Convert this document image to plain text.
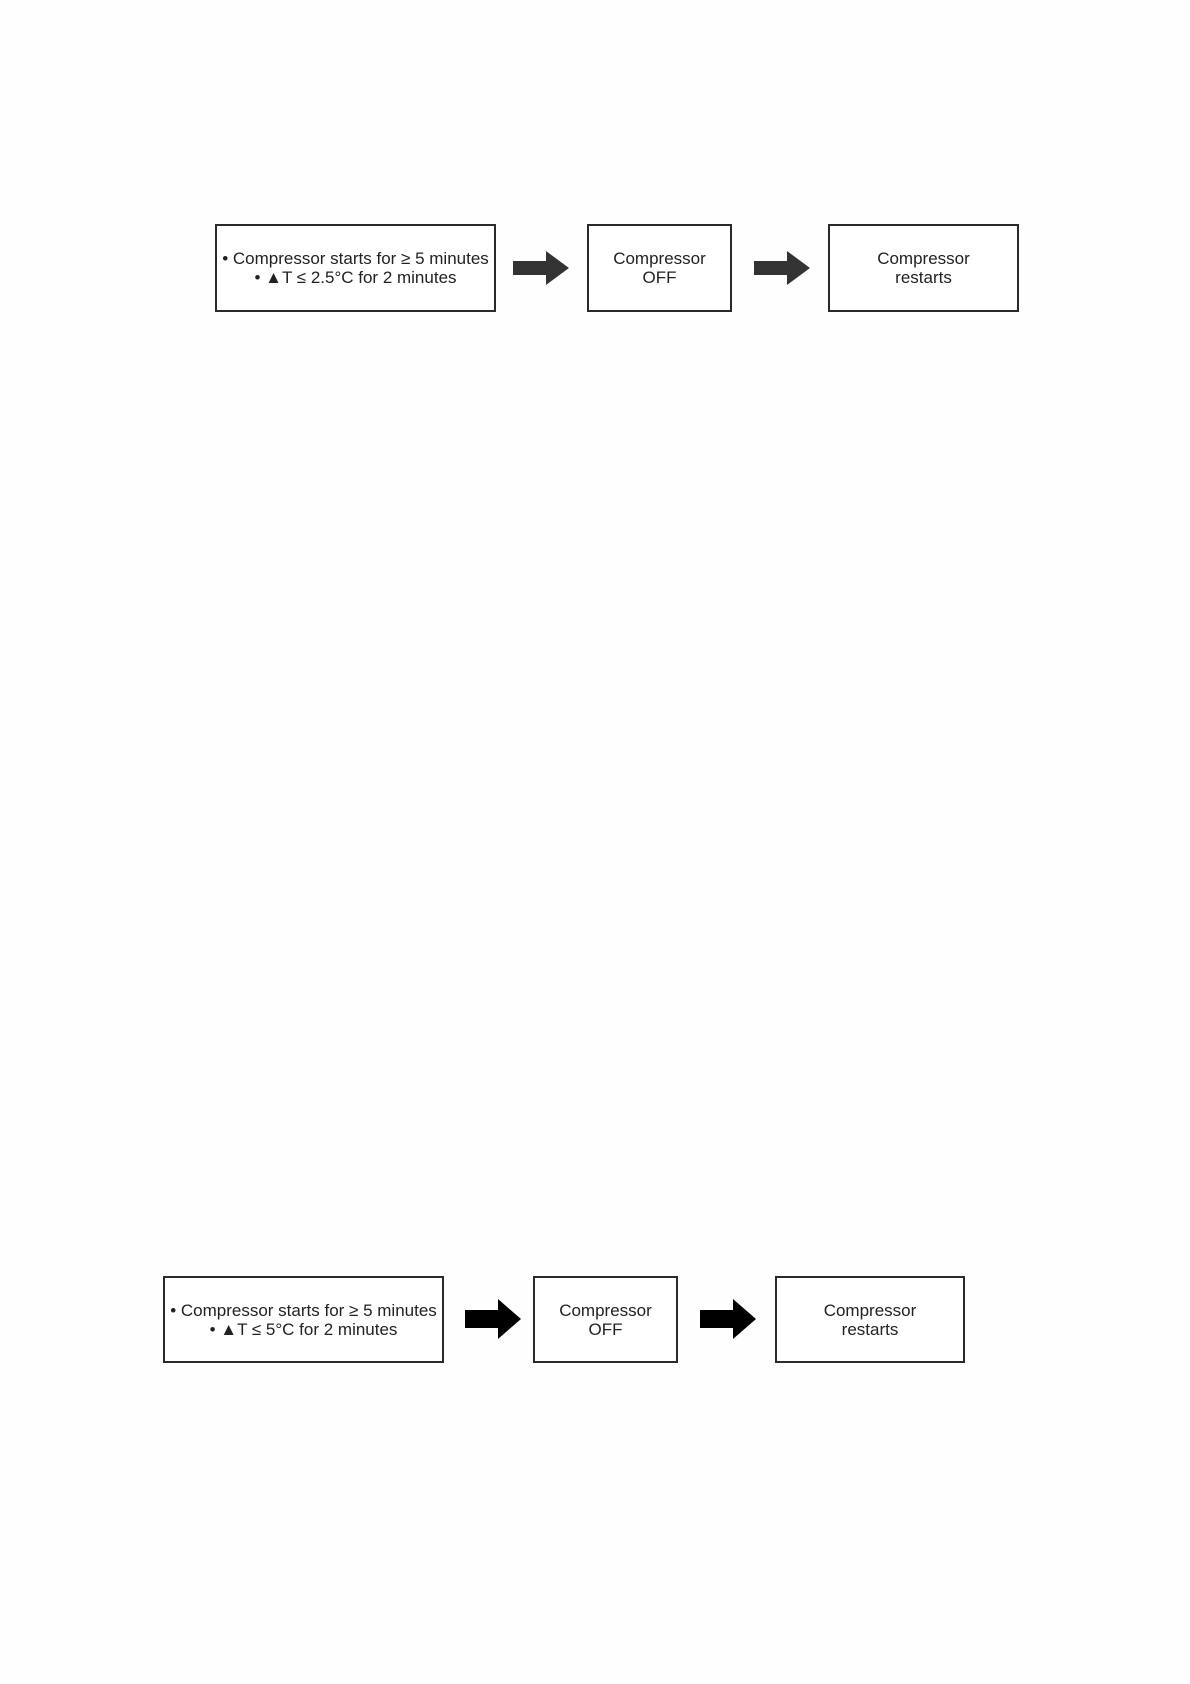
• Compressor starts for ≥ 5 minutes
• ▲T ≤ 2.5°C for 2 minutes
Compressor
OFF
Compressor
restarts
• Compressor starts for ≥ 5 minutes
• ▲T ≤ 5°C for 2 minutes
Compressor
OFF
Compressor
restarts
